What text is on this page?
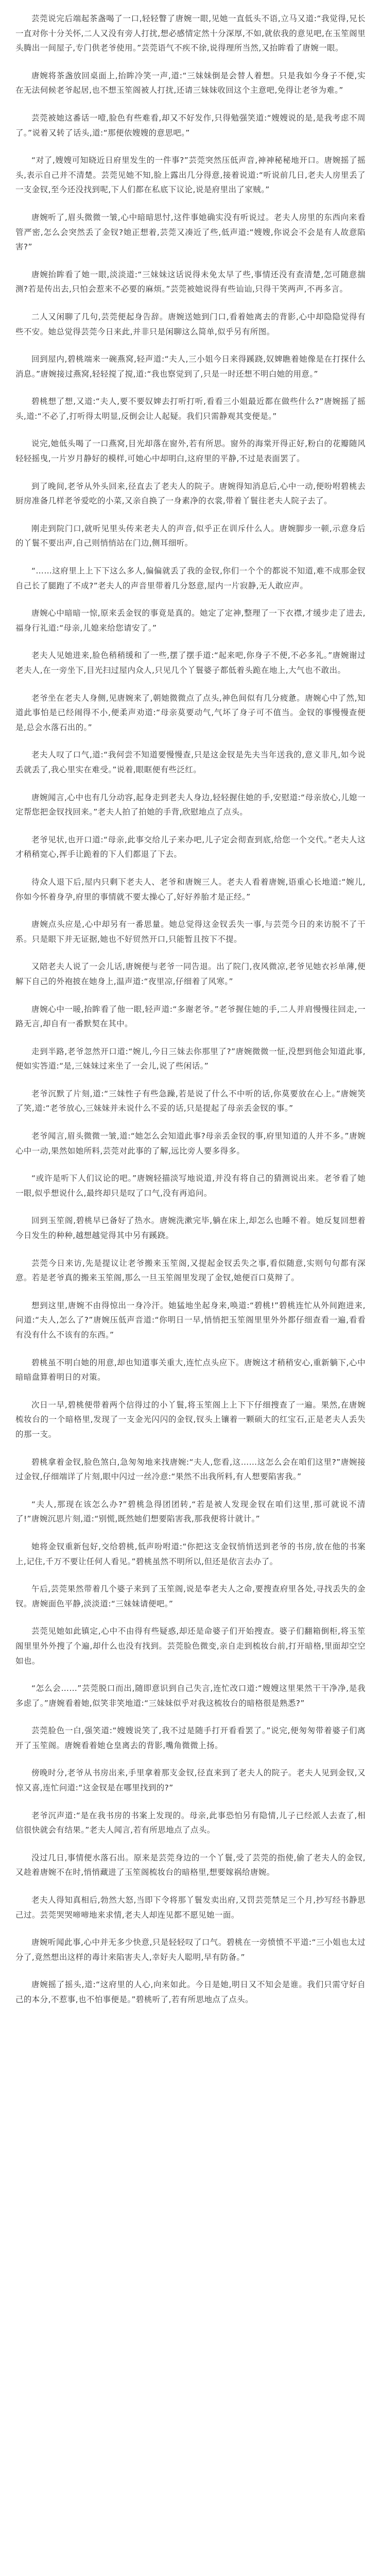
芸莞说完后端起茶盏喝了一口,轻轻瞥了唐婉一眼,见她一直低头不语,立马又道:“我觉得,兄长一直对你十分关怀,二人又没有旁人打扰,想必感情定然十分深厚,不如,就依我的意见吧,在玉笙阁里头腾出一间屋子,专门供老爷使用。”芸莞语气不疾不徐,说得理所当然,又抬眸看了唐婉一眼。

唐婉将茶盏放回桌面上,抬眸冷笑一声,道:“三妹妹倒是会替人着想。只是我如今身子不便,实在无法伺候老爷起居,也不想玉笙阁被人打扰,还请三妹妹收回这个主意吧,免得让老爷为难。”

芸莞被她这番话一噎,脸色有些难看,却又不好发作,只得勉强笑道:“嫂嫂说的是,是我考虑不周了。”说着又转了话头,道:“那便依嫂嫂的意思吧。”

“对了,嫂嫂可知晓近日府里发生的一件事?”芸莞突然压低声音,神神秘秘地开口。唐婉摇了摇头,表示自己并不清楚。芸莞见她不知,脸上露出几分得意,接着说道:“听说前几日,老夫人房里丢了一支金钗,至今还没找到呢,下人们都在私底下议论,说是府里出了家贼。”

唐婉听了,眉头微微一皱,心中暗暗思忖,这件事她确实没有听说过。老夫人房里的东西向来看管严密,怎么会突然丢了金钗?她正想着,芸莞又凑近了些,低声道:“嫂嫂,你说会不会是有人故意陷害?”

唐婉抬眸看了她一眼,淡淡道:“三妹妹这话说得未免太早了些,事情还没有查清楚,怎可随意揣测?若是传出去,只怕会惹来不必要的麻烦。”芸莞被她说得有些讪讪,只得干笑两声,不再多言。

二人又闲聊了几句,芸莞便起身告辞。唐婉送她到门口,看着她离去的背影,心中却隐隐觉得有些不安。她总觉得芸莞今日来此,并非只是闲聊这么简单,似乎另有所图。

回到屋内,碧桃端来一碗燕窝,轻声道:“夫人,三小姐今日来得蹊跷,奴婢瞧着她像是在打探什么消息。”唐婉接过燕窝,轻轻搅了搅,道:“我也察觉到了,只是一时还想不明白她的用意。”

碧桃想了想,又道:“夫人,要不要奴婢去打听打听,看看三小姐最近都在做些什么?”唐婉摇了摇头,道:“不必了,打听得太明显,反倒会让人起疑。我们只需静观其变便是。”

说完,她低头喝了一口燕窝,目光却落在窗外,若有所思。窗外的海棠开得正好,粉白的花瓣随风轻轻摇曳,一片岁月静好的模样,可她心中却明白,这府里的平静,不过是表面罢了。

到了晚间,老爷从外头回来,径直去了老夫人的院子。唐婉得知消息后,心中一动,便吩咐碧桃去厨房准备几样老爷爱吃的小菜,又亲自换了一身素净的衣裳,带着丫鬟往老夫人院子去了。

刚走到院门口,就听见里头传来老夫人的声音,似乎正在训斥什么人。唐婉脚步一顿,示意身后的丫鬟不要出声,自己则悄悄站在门边,侧耳细听。

“……这府里上上下下这么多人,偏偏就丢了我的金钗,你们一个个的都说不知道,难不成那金钗自己长了腿跑了不成?”老夫人的声音里带着几分怒意,屋内一片寂静,无人敢应声。

唐婉心中暗暗一惊,原来丢金钗的事竟是真的。她定了定神,整理了一下衣襟,才缓步走了进去,福身行礼道:“母亲,儿媳来给您请安了。”

老夫人见她进来,脸色稍稍缓和了一些,摆了摆手道:“起来吧,你身子不便,不必多礼。”唐婉谢过老夫人,在一旁坐下,目光扫过屋内众人,只见几个丫鬟婆子都低着头跪在地上,大气也不敢出。

老爷坐在老夫人身侧,见唐婉来了,朝她微微点了点头,神色间似有几分疲惫。唐婉心中了然,知道此事怕是已经闹得不小,便柔声劝道:“母亲莫要动气,气坏了身子可不值当。金钗的事慢慢查便是,总会水落石出的。”

老夫人叹了口气,道:“我何尝不知道要慢慢查,只是这金钗是先夫当年送我的,意义非凡,如今说丢就丢了,我心里实在难受。”说着,眼眶便有些泛红。

唐婉闻言,心中也有几分动容,起身走到老夫人身边,轻轻握住她的手,安慰道:“母亲放心,儿媳一定帮您把金钗找回来。”老夫人拍了拍她的手背,欣慰地点了点头。

老爷见状,也开口道:“母亲,此事交给儿子来办吧,儿子定会彻查到底,给您一个交代。”老夫人这才稍稍宽心,挥手让跪着的下人们都退了下去。

待众人退下后,屋内只剩下老夫人、老爷和唐婉三人。老夫人看着唐婉,语重心长地道:“婉儿,你如今怀着身孕,府里的事情就不要太操心了,好好养胎才是正经。”

唐婉点头应是,心中却另有一番思量。她总觉得这金钗丢失一事,与芸莞今日的来访脱不了干系。只是眼下并无证据,她也不好贸然开口,只能暂且按下不提。

又陪老夫人说了一会儿话,唐婉便与老爷一同告退。出了院门,夜风微凉,老爷见她衣衫单薄,便解下自己的外袍披在她身上,温声道:“夜里凉,仔细着了风寒。”

唐婉心中一暖,抬眸看了他一眼,轻声道:“多谢老爷。”老爷握住她的手,二人并肩慢慢往回走,一路无言,却自有一番默契在其中。

走到半路,老爷忽然开口道:“婉儿,今日三妹去你那里了?”唐婉微微一怔,没想到他会知道此事,便如实答道:“是,三妹妹过来坐了一会儿,说了些闲话。”

老爷沉默了片刻,道:“三妹性子有些急躁,若是说了什么不中听的话,你莫要放在心上。”唐婉笑了笑,道:“老爷放心,三妹妹并未说什么不妥的话,只是提起了母亲丢金钗的事。”

老爷闻言,眉头微微一皱,道:“她怎么会知道此事?母亲丢金钗的事,府里知道的人并不多。”唐婉心中一动,果然如她所料,芸莞对此事的了解,远比旁人要多得多。

“或许是听下人们议论的吧。”唐婉轻描淡写地说道,并没有将自己的猜测说出来。老爷看了她一眼,似乎想说什么,最终却只是叹了口气,没有再追问。

回到玉笙阁,碧桃早已备好了热水。唐婉洗漱完毕,躺在床上,却怎么也睡不着。她反复回想着今日发生的种种,越想越觉得其中另有蹊跷。

芸莞今日来访,先是提议让老爷搬来玉笙阁,又提起金钗丢失之事,看似随意,实则句句都有深意。若是老爷真的搬来玉笙阁,那么一旦玉笙阁里发现了金钗,她便百口莫辩了。

想到这里,唐婉不由得惊出一身冷汗。她猛地坐起身来,唤道:“碧桃!”碧桃连忙从外间跑进来,问道:“夫人,怎么了?”唐婉压低声音道:“你明日一早,悄悄把玉笙阁里里外外都仔细查看一遍,看看有没有什么不该有的东西。”

碧桃虽不明白她的用意,却也知道事关重大,连忙点头应下。唐婉这才稍稍安心,重新躺下,心中暗暗盘算着明日的对策。

次日一早,碧桃便带着两个信得过的小丫鬟,将玉笙阁上上下下仔细搜查了一遍。果然,在唐婉梳妆台的一个暗格里,发现了一支金光闪闪的金钗,钗头上镶着一颗硕大的红宝石,正是老夫人丢失的那一支。

碧桃拿着金钗,脸色煞白,急匆匆地来找唐婉:“夫人,您看,这……这怎么会在咱们这里?”唐婉接过金钗,仔细端详了片刻,眼中闪过一丝冷意:“果然不出我所料,有人想要陷害我。”

“夫人,那现在该怎么办?”碧桃急得团团转,“若是被人发现金钗在咱们这里,那可就说不清了!”唐婉沉思片刻,道:“别慌,既然她们想要陷害我,那我便将计就计。”

她将金钗重新包好,交给碧桃,低声吩咐道:“你把这支金钗悄悄送到老爷的书房,放在他的书案上,记住,千万不要让任何人看见。”碧桃虽然不明所以,但还是依言去办了。

午后,芸莞果然带着几个婆子来到了玉笙阁,说是奉老夫人之命,要搜查府里各处,寻找丢失的金钗。唐婉面色平静,淡淡道:“三妹妹请便吧。”

芸莞见她如此镇定,心中不由得有些疑惑,却还是命婆子们开始搜查。婆子们翻箱倒柜,将玉笙阁里里外外搜了个遍,却什么也没有找到。芸莞脸色微变,亲自走到梳妆台前,打开暗格,里面却空空如也。

“怎么会……”芸莞脱口而出,随即意识到自己失言,连忙改口道:“嫂嫂这里果然干干净净,是我多虑了。”唐婉看着她,似笑非笑地道:“三妹妹似乎对我这梳妆台的暗格很是熟悉?”

芸莞脸色一白,强笑道:“嫂嫂说笑了,我不过是随手打开看看罢了。”说完,便匆匆带着婆子们离开了玉笙阁。唐婉看着她仓皇离去的背影,嘴角微微上扬。

傍晚时分,老爷从书房出来,手里拿着那支金钗,径直来到了老夫人的院子。老夫人见到金钗,又惊又喜,连忙问道:“这金钗是在哪里找到的?”

老爷沉声道:“是在我书房的书案上发现的。母亲,此事恐怕另有隐情,儿子已经派人去查了,相信很快就会有结果。”老夫人闻言,若有所思地点了点头。

没过几日,事情便水落石出。原来是芸莞身边的一个丫鬟,受了芸莞的指使,偷了老夫人的金钗,又趁着唐婉不在时,悄悄藏进了玉笙阁梳妆台的暗格里,想要嫁祸给唐婉。

老夫人得知真相后,勃然大怒,当即下令将那丫鬟发卖出府,又罚芸莞禁足三个月,抄写经书静思己过。芸莞哭哭啼啼地来求情,老夫人却连见都不愿见她一面。

唐婉听闻此事,心中并无多少快意,只是轻轻叹了口气。碧桃在一旁愤愤不平道:“三小姐也太过分了,竟然想出这样的毒计来陷害夫人,幸好夫人聪明,早有防备。”

唐婉摇了摇头,道:“这府里的人心,向来如此。今日是她,明日又不知会是谁。我们只需守好自己的本分,不惹事,也不怕事便是。”碧桃听了,若有所思地点了点头。
